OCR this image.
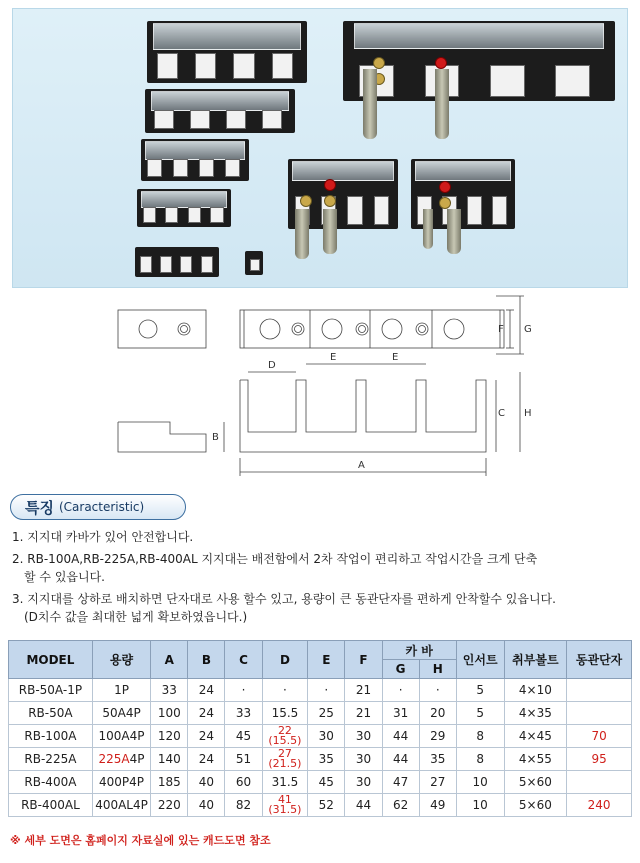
D
E	E
A
B
C H
F G
특징 (Caracteristic)

1. 지지대 카바가 있어 안전합니다.

2. RB-100A,RB-225A,RB-400AL 지지대는 배전함에서 2차 작업이 편리하고 작업시간을 크게 단축
할 수 있읍니다.

3. 지지대를 상하로 배치하면 단자대로 사용 할수 있고, 용량이 큰 동관단자를 편하게 안착할수 있읍니다.
(D치수 값을 최대한 넓게 확보하였읍니다.)

MODEL	용량	A	B	C	D	E	F	카 바		인서트	취부볼트	동관단자
								G	H			
RB-50A-1P	1P	33	24	·	·	·	21	·	·	5	4×10	
RB-50A	50A4P	100	24	33	15.5	25	21	31	20	5	4×35	
RB-100A	100A4P	120	24	45	22
(15.5)	30	30	44	29	8	4×45	70
RB-225A	225A4P	140	24	51	27
(21.5)	35	30	44	35	8	4×55	95
RB-400A	400P4P	185	40	60	31.5	45	30	47	27	10	5×60	
RB-400AL	400AL4P	220	40	82	41
(31.5)	52	44	62	49	10	5×60	240
※ 세부 도면은 홈페이지 자료실에 있는 캐드도면 참조
